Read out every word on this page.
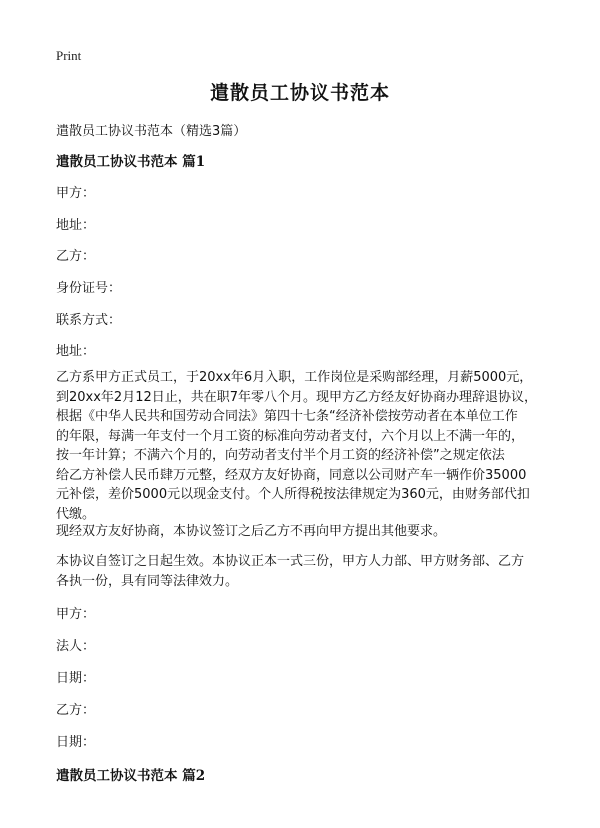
Print
遣散员工协议书范本
遣散员工协议书范本（精选3篇）
遣散员工协议书范本 篇1
甲方：
地址：
乙方：
身份证号：
联系方式：
地址：
乙方系甲方正式员工，于20xx年6月入职，工作岗位是采购部经理，月薪5000元，
到20xx年2月12日止，共在职7年零八个月。现甲方乙方经友好协商办理辞退协议，
根据《中华人民共和国劳动合同法》第四十七条“经济补偿按劳动者在本单位工作
的年限，每满一年支付一个月工资的标准向劳动者支付，六个月以上不满一年的，
按一年计算；不满六个月的，向劳动者支付半个月工资的经济补偿”之规定依法
给乙方补偿人民币肆万元整，经双方友好协商，同意以公司财产车一辆作价35000
元补偿，差价5000元以现金支付。个人所得税按法律规定为360元，由财务部代扣
代缴。
现经双方友好协商，本协议签订之后乙方不再向甲方提出其他要求。
本协议自签订之日起生效。本协议正本一式三份，甲方人力部、甲方财务部、乙方
各执一份，具有同等法律效力。
甲方：
法人：
日期：
乙方：
日期：
遣散员工协议书范本 篇2
